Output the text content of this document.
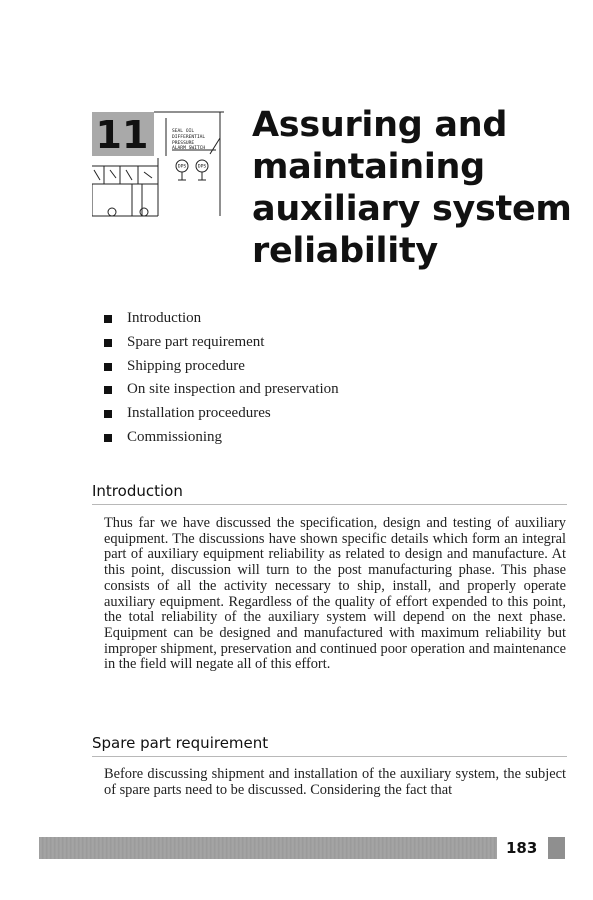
11	SEAL OIL
DIFFERENTIAL
PRESSURE
ALARM SWITCH
DPS	DPS
Assuring and
maintaining
auxiliary system
reliability
Introduction
Spare part requirement
Shipping procedure
On site inspection and preservation
Installation proceedures
Commissioning
Introduction

Thus far we have discussed the specification, design and testing of auxiliary equipment. The discussions have shown specific details which form an integral part of auxiliary equipment reliability as related to design and manufacture. At this point, discussion will turn to the post manufacturing phase. This phase consists of all the activity necessary to ship, install, and properly operate auxiliary equipment. Regardless of the quality of effort expended to this point, the total reliability of the auxiliary system will depend on the next phase. Equipment can be designed and manufactured with maximum reliability but improper shipment, preservation and continued poor operation and maintenance in the field will negate all of this effort.

Spare part requirement

Before discussing shipment and installation of the auxiliary system, the subject of spare parts need to be discussed. Considering the fact that

183
